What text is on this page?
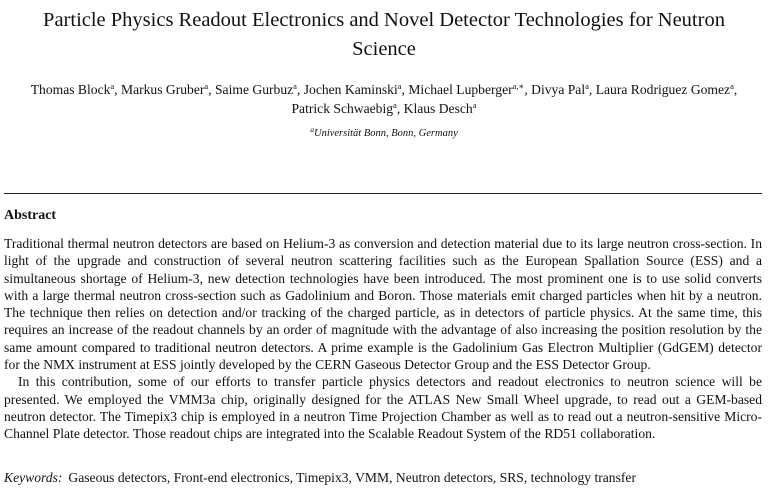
Particle Physics Readout Electronics and Novel Detector Technologies for Neutron Science
Thomas Block$^a$, Markus Gruber$^a$, Saime Gurbuz$^a$, Jochen Kaminski$^a$, Michael Lupberger$^{a,∗}$, Divya Pal$^a$, Laura Rodriguez Gomez$^a$, Patrick Schwaebig$^a$, Klaus Desch$^a$
$^a$Universität Bonn, Bonn, Germany
Abstract

Traditional thermal neutron detectors are based on Helium-3 as conversion and detection material due to its large neutron cross-section. In light of the upgrade and construction of several neutron scattering facilities such as the European Spallation Source (ESS) and a simultaneous shortage of Helium-3, new detection technologies have been introduced. The most prominent one is to use solid converts with a large thermal neutron cross-section such as Gadolinium and Boron. Those materials emit charged particles when hit by a neutron. The technique then relies on detection and/or tracking of the charged particle, as in detectors of particle physics. At the same time, this requires an increase of the readout channels by an order of magnitude with the advantage of also increasing the position resolution by the same amount compared to traditional neutron detectors. A prime example is the Gadolinium Gas Electron Multiplier (GdGEM) detector for the NMX instrument at ESS jointly developed by the CERN Gaseous Detector Group and the ESS Detector Group.

In this contribution, some of our efforts to transfer particle physics detectors and readout electronics to neutron science will be presented. We employed the VMM3a chip, originally designed for the ATLAS New Small Wheel upgrade, to read out a GEM-based neutron detector. The Timepix3 chip is employed in a neutron Time Projection Chamber as well as to read out a neutron-sensitive Micro-Channel Plate detector. Those readout chips are integrated into the Scalable Readout System of the RD51 collaboration.

Keywords: Gaseous detectors, Front-end electronics, Timepix3, VMM, Neutron detectors, SRS, technology transfer
